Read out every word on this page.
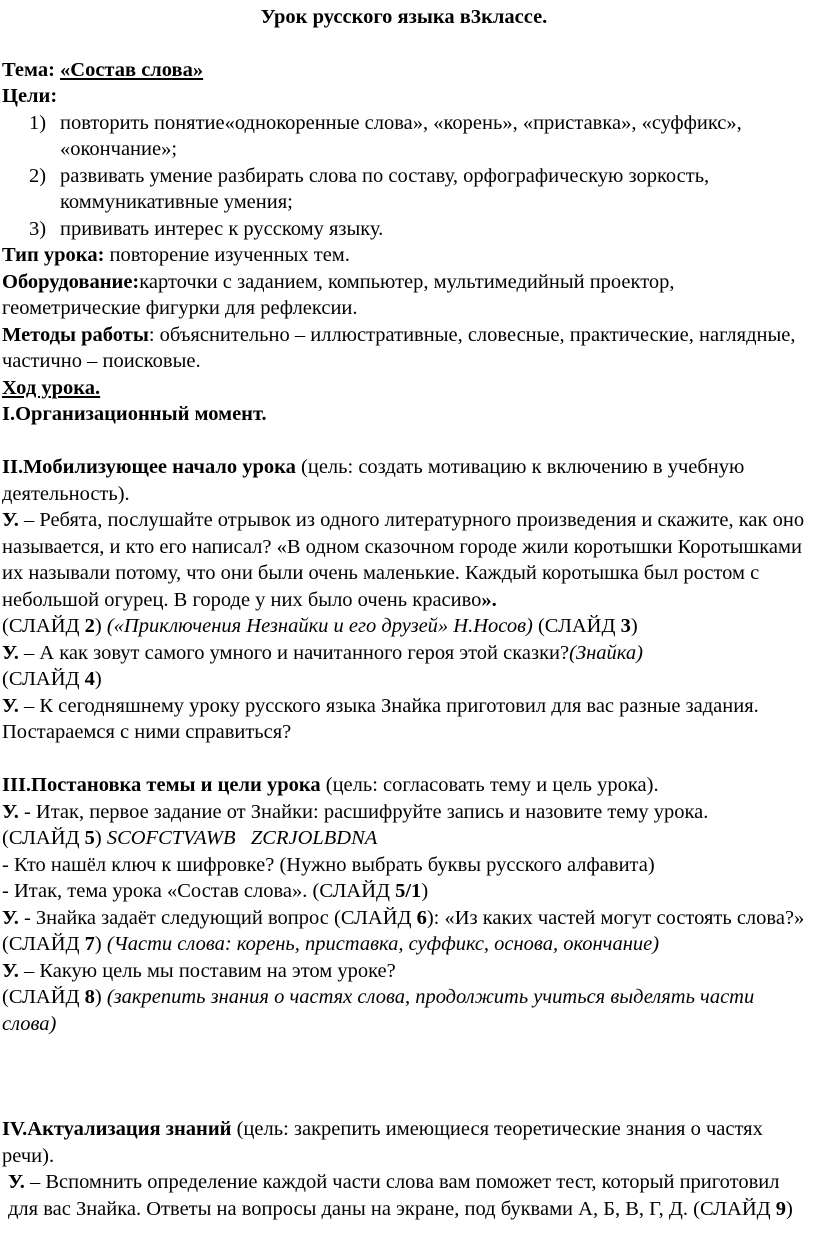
Урок русского языка в3классе.

Тема: «Состав слова»

Цели:

1) повторить понятие«однокоренные слова», «корень», «приставка», «суффикс», «окончание»;
2) развивать умение разбирать слова по составу, орфографическую зоркость, коммуникативные умения;
3) прививать интерес к русскому языку.

Тип урока: повторение изученных тем.

Оборудование:карточки с заданием, компьютер, мультимедийный проектор, геометрические фигурки для рефлексии.

Методы работы: объяснительно – иллюстративные, словесные, практические, наглядные, частично – поисковые.

Ход урока.

I.Организационный момент.

II.Мобилизующее начало урока (цель: создать мотивацию к включению в учебную деятельность).

У. – Ребята, послушайте отрывок из одного литературного произведения и скажите, как оно называется, и кто его написал? «В одном сказочном городе жили коротышки Коротышками их называли потому, что они были очень маленькие. Каждый коротышка был ростом с небольшой огурец. В городе у них было очень красиво».

(СЛАЙД 2) («Приключения Незнайки и его друзей» Н.Носов) (СЛАЙД 3)

У. – А как зовут самого умного и начитанного героя этой сказки?(Знайка)

(СЛАЙД 4)

У. – К сегодняшнему уроку русского языка Знайка приготовил для вас разные задания. Постараемся с ними справиться?

III.Постановка темы и цели урока (цель: согласовать тему и цель урока).

У. - Итак, первое задание от Знайки: расшифруйте запись и назовите тему урока.

(СЛАЙД 5) SCOFCTVAWB   ZCRJOLBDNA

- Кто нашёл ключ к шифровке? (Нужно выбрать буквы русского алфавита)

- Итак, тема урока «Состав слова». (СЛАЙД 5/1)

У. - Знайка задаёт следующий вопрос (СЛАЙД 6): «Из каких частей могут состоять слова?»

(СЛАЙД 7) (Части слова: корень, приставка, суффикс, основа, окончание)

У. – Какую цель мы поставим на этом уроке?

(СЛАЙД 8) (закрепить знания о частях слова, продолжить учиться выделять части слова)

IV.Актуализация знаний (цель: закрепить имеющиеся теоретические знания о частях речи).

У. – Вспомнить определение каждой части слова вам поможет тест, который приготовил для вас Знайка. Ответы на вопросы даны на экране, под буквами А, Б, В, Г, Д. (СЛАЙД 9)
